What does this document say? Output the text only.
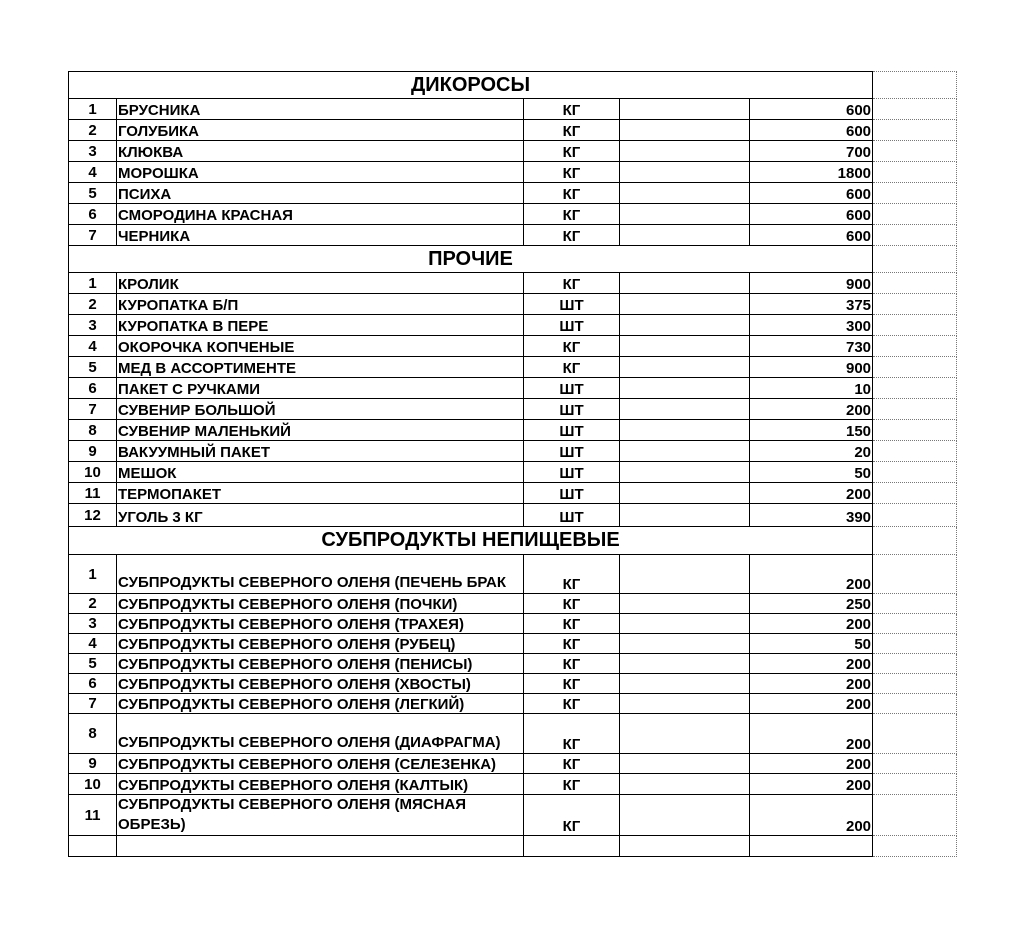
ДИКОРОСЫ					
1	БРУСНИКА	КГ		600	
2	ГОЛУБИКА	КГ		600	
3	КЛЮКВА	КГ		700	
4	МОРОШКА	КГ		1800	
5	ПСИХА	КГ		600	
6	СМОРОДИНА КРАСНАЯ	КГ		600	
7	ЧЕРНИКА	КГ		600	
ПРОЧИЕ					
1	КРОЛИК	КГ		900	
2	КУРОПАТКА Б/П	ШТ		375	
3	КУРОПАТКА В ПЕРЕ	ШТ		300	
4	ОКОРОЧКА КОПЧЕНЫЕ	КГ		730	
5	МЕД В АССОРТИМЕНТЕ	КГ		900	
6	ПАКЕТ С РУЧКАМИ	ШТ		10	
7	СУВЕНИР БОЛЬШОЙ	ШТ		200	
8	СУВЕНИР МАЛЕНЬКИЙ	ШТ		150	
9	ВАКУУМНЫЙ ПАКЕТ	ШТ		20	
10	МЕШОК	ШТ		50	
11	ТЕРМОПАКЕТ	ШТ		200	
12	УГОЛЬ 3 КГ	ШТ		390	
СУБПРОДУКТЫ НЕПИЩЕВЫЕ					
1	СУБПРОДУКТЫ СЕВЕРНОГО ОЛЕНЯ (ПЕЧЕНЬ БРАК	КГ		200	
2	СУБПРОДУКТЫ СЕВЕРНОГО ОЛЕНЯ (ПОЧКИ)	КГ		250	
3	СУБПРОДУКТЫ СЕВЕРНОГО ОЛЕНЯ (ТРАХЕЯ)	КГ		200	
4	СУБПРОДУКТЫ СЕВЕРНОГО ОЛЕНЯ (РУБЕЦ)	КГ		50	
5	СУБПРОДУКТЫ СЕВЕРНОГО ОЛЕНЯ (ПЕНИСЫ)	КГ		200	
6	СУБПРОДУКТЫ СЕВЕРНОГО ОЛЕНЯ (ХВОСТЫ)	КГ		200	
7	СУБПРОДУКТЫ СЕВЕРНОГО ОЛЕНЯ (ЛЕГКИЙ)	КГ		200	
8	СУБПРОДУКТЫ СЕВЕРНОГО ОЛЕНЯ (ДИАФРАГМА)	КГ		200	
9	СУБПРОДУКТЫ СЕВЕРНОГО ОЛЕНЯ (СЕЛЕЗЕНКА)	КГ		200	
10	СУБПРОДУКТЫ СЕВЕРНОГО ОЛЕНЯ (КАЛТЫК)	КГ		200	
11	СУБПРОДУКТЫ СЕВЕРНОГО ОЛЕНЯ (МЯСНАЯ ОБРЕЗЬ)	КГ		200	
